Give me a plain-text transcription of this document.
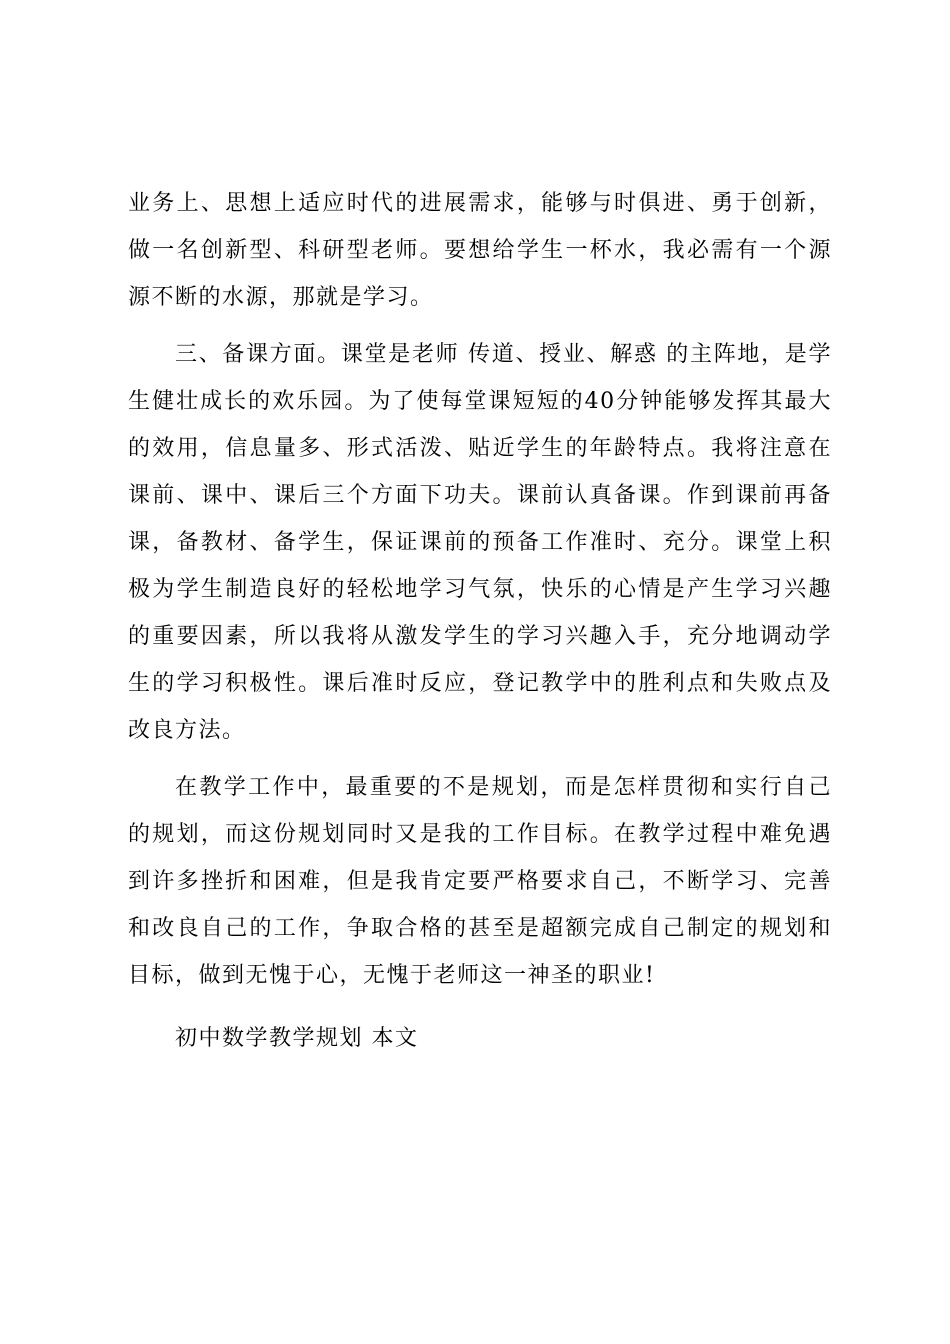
业务上、思想上适应时代的进展需求，能够与时俱进、勇于创新，做一名创新型、科研型老师。要想给学生一杯水，我必需有一个源源不断的水源，那就是学习。

三、备课方面。课堂是老师 传道、授业、解惑 的主阵地，是学生健壮成长的欢乐园。为了使每堂课短短的40分钟能够发挥其最大的效用，信息量多、形式活泼、贴近学生的年龄特点。我将注意在课前、课中、课后三个方面下功夫。课前认真备课。作到课前再备课，备教材、备学生，保证课前的预备工作准时、充分。课堂上积极为学生制造良好的轻松地学习气氛，快乐的心情是产生学习兴趣的重要因素，所以我将从激发学生的学习兴趣入手，充分地调动学生的学习积极性。课后准时反应，登记教学中的胜利点和失败点及改良方法。

在教学工作中，最重要的不是规划，而是怎样贯彻和实行自己的规划，而这份规划同时又是我的工作目标。在教学过程中难免遇到许多挫折和困难，但是我肯定要严格要求自己，不断学习、完善和改良自己的工作，争取合格的甚至是超额完成自己制定的规划和目标，做到无愧于心，无愧于老师这一神圣的职业!

初中数学教学规划 本文
